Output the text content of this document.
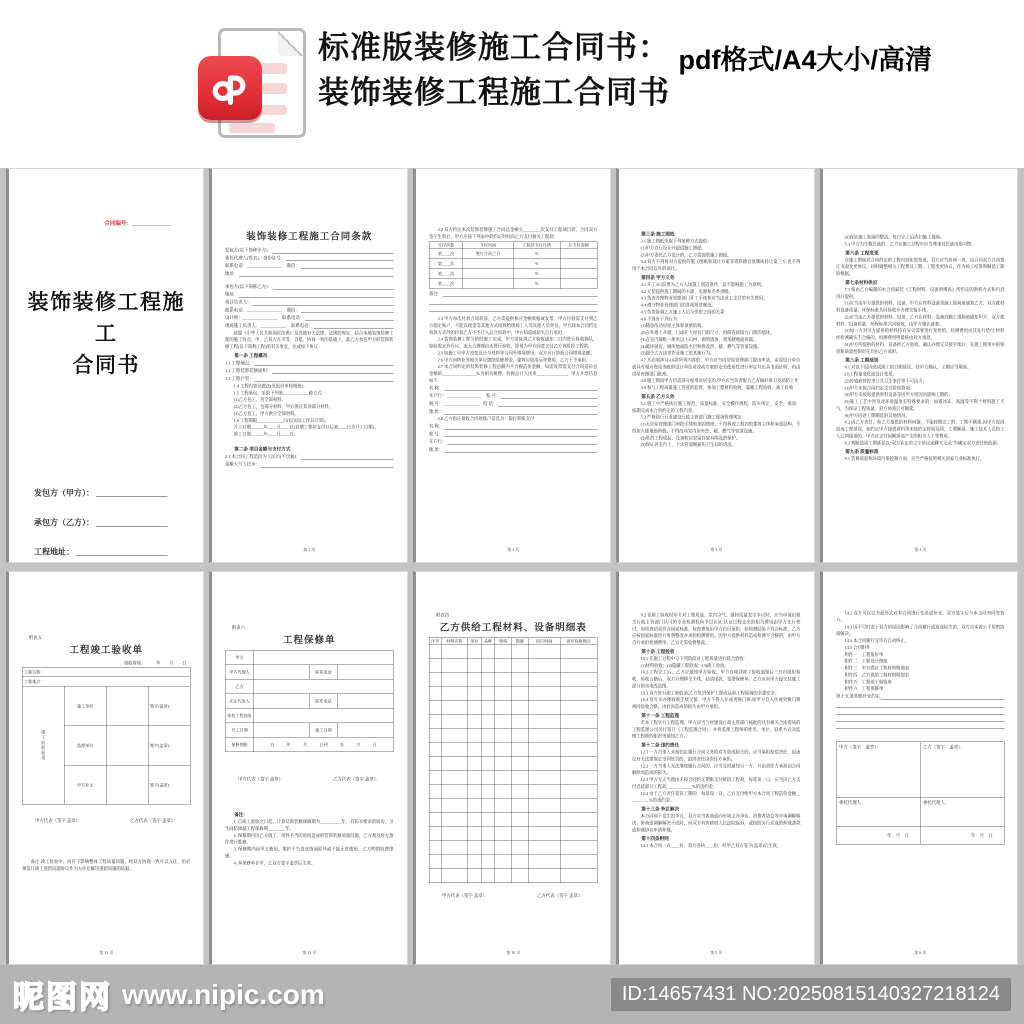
标准版装修施工合同书：
装饰装修工程施工合同书
pdf格式/A4大小/高清
合同编号：______________
装饰装修工程施工
合同书
发包方（甲方）：
承包方（乙方）：
工程地址：
装饰装修工程施工合同条款
发包方(以下简称甲方)：
委托代理人(姓名)：身份证号：
联系电话：________________　微信：
地址：
承包方(以下简称乙方)：
地址：
项目负责人：
联系电话：________________　微信：
设计师：________________　联系电话：
现场施工负责人：____________　联系电话：
依照《中华人民共和国民法典》及其他有关法律、法规的规定，结合本地装饰装修工程的施工特点，甲、乙双方在平等、自愿、协商一致的基础上，就乙方承包甲方的装饰装修工程(以下简称工程)的有关事宜，达成如下协议：
第一条 工程概况
1.1 工程地点：
1.2 工程装饰装修面积：
1.3 工程户型：
1.4 工程内容及做法(见报价单和图纸)：
1.5 工程承包，采取下列第____________种方式：
(1)乙方包工，包全部材料。
(2)乙方包工，包部分材料，甲方供应其余部分材料。
(3)乙方包工，甲方供应全部材料。
1.6 工程期限____________日(以实际工作日计算)；
开工日期______年____月____日(首期工程款支付日后第____日为开工日期)；
竣工日期______年____月____日。
第二条 项目金额与支付方式
2.1 本合同工程造价为人民币(不含税)：
金额大写人民币：
第 1 页
2.2 双方约定本次装饰装修施工合同总金额分________次支付工程项目款，合同双方签字生效后，甲方应按下列表中的约定时间向乙方支付相关工程款：
支付次数	支付时间	工程款支付比例	应支付金额
第____次	签订合同之日	%	
第____次		%	
第____次		%	
第____次		%	
备注：
2.3 甲方每次付款合同款前，乙方需提供相应金额收据或发票，甲方付款需支付到乙方指定账户，不能以现金等其他方式结算给现场工人等其他人员单位。甲方除本合同约定收款方式外的付款乙方不予计入总合同款中，甲方知道或损失自行承担。
2.4 装饰装修工程分阶段施工完成，甲方需接到乙方验收通知二日内进行验收确认，如验收未有异议，或无合理理由未进行验收，即视为甲方同意支付乙方该阶段工程款。
2.5 如施工中甲方改变设计与材料等合同外增项费用，双方另行协商合同增项金额。
2.6 甲方向物业等相关单位缴纳装修押金，建筑垃圾清运等费用，乙方不予承担。
2.7 本合同约定的装饰装修工程总额为不含税造价金额，如需发票需支付合同造价总金额的________________%为相关税费，价税总计人民币______________。甲方开票信息如下：
名 称：
开户行：________________　账 号：
税 号：________________　电 话：
地 址：
2.8 乙方指定接收合同款账户信息为：银行转账支付
名 称：
账 号：
开户行：
地 址：
第 2 页
第三条 施工图纸
3.1 施工图纸采取下列第种方式提供：
(1)甲方自行设计并提供施工图纸。
(2)甲方委托乙方设计的，乙方需提供施工图纸。
3.2 双方不得将对方提供的施工图纸和设计方案等资料擅自复制或转让第三方,也不得用于本合同以外的项目。
第四条 甲方义务
4.1 开工3日前要为乙方入场施工创造条件，以不影响施工为原则。
4.2 无偿提供施工期间的水源、电源和冬季供暖。
4.3 负责办理物业管理部门开工手续和应当由业主支付的有关费用。
4.4 遵守物业管理部门的各项规章制度。
4.5 负责协调乙方施工人员与邻里之间的关系
4.6 不得有下列行为：
(1)随意改动房屋主体和承重结构。
(2)在外墙上开窗，门或扩大原有门窗尺寸，拆除连接阳台门窗的墙体。
(3)在室内铺贴一厘米以上石材、砌筑墙体、增加楼地面荷载。
(4)破坏厨房、厕所地面防水层和拆改热、暖、燃气等管道设施。
(5)强令乙方违章作业施工的其他行为。
4.7 凡必须涉及4.6款所列内容的，甲方应当向房屋管理部门提出申请，由原设计单位或具有相应资质等级的设计单位对改动方案的安全使用性进行审定并出具书面证明，再由房屋管理部门批准。
4.8 施工期间甲方仍需部分使用该居室的,甲方应当负责配合乙方做好保卫及消防工作
4.9 参与工程质量施工进度的监督，参加工程材料验收、隐蔽工程验收、竣工验收
第五条 乙方义务
5.1 施工中严格执行施工规范、质量标准、安全操作规程、防火规定、安全、保质、按期完成本合同约定的工程内容。
5.2 严格执行行业建设行政主管部门施工现场管理规定：
(1)无房屋管理部门审批手续和加固图纸，不得拆改工程内的建筑主体和承重结构，不得加大楼地面荷载，不得改动室内原有热、暖、燃气等管道设施。
(2)负责工程成品、设备和居室留存家具陈设的保护。
(3)保证居室内上、下水管道畅通和卫生间的清洁。
第 3 页
(4)保证施工现场的整洁，每日完工后清扫施工现场。
5.3 甲方为少数民族的，乙方在施工过程中应当尊重其民族风俗习惯。
第六条 工程变更
在施工期间对合同约定的工程内容如需变更，双方应当协商一致，由合同双方共同签订书面变更协议，同时调整相关工程费及工期，工程变更协议，作为竣工结算和顺延工期的根据。
第七条材料供应
7.1 按由乙方编制的本合同家装《工程材料、设备明细表》所约定的供料方式和内容进行提供。
(1)应当由甲方提供的材料、设备，甲方在材料设备到施工现场前通知乙方，双方就材料设备质量、环保标准共同验收并办理交接手续。
(2)应当由乙方提供的材料、设备，乙方在材料、设备到施工现场前通知甲方，双方就材料、设备质量、环保标准共同验收，由甲方确认备案。
(3)如一方对另方提供的材料持有异议需要进行复检的，检测费用由其先行垫付;材料经检测确实不合格的，检测费用则最终由对方承担。
(4)甲方所提供的材料、设备经乙方验收，确认办理完交接手续后，在施工使用中的保管和质量控制责任均由乙方承担。
第八条 工期延误
8.1 对以下原因造成竣工的日期延误，经甲方确认，工期应当顺延。
(1)工程量变化或设计变更。
(2)传染病管控等公共卫生事件等不可抗力；
(3)甲方未按合同约定支付阶段款项；
(4)甲方未按时提供原料设备等因甲方原因而影响工期的；
(5)施工工艺中涉及对环境温度有特殊要求的，如遇冰冻、高温等不利于材料施工天气，为保证工程质量，双方协商后可顺延。
(6)甲方同意工期顺延的其他情况。
8.2 因乙方责任，如乙方提供的材料问题，不能按期完工的，工期不顺延;因甲方原因造成工程延误，如约定甲方提供材料等未按约定时间送到，工期顺延，施工技术人员和工人已到现场的，甲方应支付因顺延而产生的相关人工等费用。
8.3 判断造成工期延误以“双方认定的文字协议或聊天记录”为确定双方责任的依据。
第九条 质量标准
9.1 装修质量和环境污染控制方面，应当严格按照相关国家行业标准执行。
第 4 页
附表五
工程竣工验收单
验收时间：　　　年　　月　　日
工程名称：			
工程地点：			
竣工验收意见	施工单位		签字(盖章)：
	监理单位		签字(盖章)：
	甲方业主		签字(盖章)：
甲方代表（签字 盖章）：	乙方代表（签字 盖章）：
备注:竣工验收中，尚有不影响整体工程质量问题，经双方协商一致可以入住，但必须签订竣工遗留问题协议作为入住后解决遗留问题的依据。
第 11 页
附表六
工程保修单
甲方			
甲方代理人		联系电话	
乙方			
法定代表人		联系电话	
家装工程地址			
开工日期		竣工日期	
保修期限	自　　　年　　　月　　　日到　　　年　　　月　　　日		
甲方代表（签字 盖章）：	乙方代表（签字 盖章）：
备注：
1. 自竣工验收之日起，计算装饰装修保修期为__________年，有防水要求的厨房、卫生间防渗漏工程保修期________年；
2. 保修期内因乙方施工、用料不当的原因造成的装饰装修质量问题，乙方须及时无条件进行维修。
3. 保修期内因甲方使用、维护不当造成饰面损坏或不能正常使用，乙方酌情收费维修。
4. 本保修单在甲、乙双方签字盖章后生效。
第 12 页
附表四
乙方供给工程材料、设备明细表
序号	材料名称	单位	品种	规格	数量	供应时间	供应验收地点

甲方代表（签字 盖章）：	乙方代表（签字 盖章）：
第 10 页
9.2 在竣工验收时甲方对工程质量、室内空气、建材质量发生争议时，应当申请由相关行政主管部门认可的专业检测机构予以认证;认证过程支出的相关费用由甲方先行垫付，如检查结果符合国家标准，检查费用由甲方自行承担，如检测结果不符合标准，乙方应按国家标准进行免费整改并承担检测费用。因甲方提供材料造成检测不合格的，由甲方自行承担检测费用，乙方无需免费整改。
第十条 工程验收
10.1 在施工过程中分下列阶段对工程质量进行联合验收：
(1)材料验收；(2)隐蔽工程验收；(3)竣工验收。
10.2 工程完工后，乙方应通知甲方验收，甲方自接到竣工验收通知后三日内组织验收，验收合格后，双方办理移交手续，结清尾款，签署保修单。乙方应向甲方提交其施工部分的水电改造图。
10.3 双方进行竣工验收前,乙方负责保护工程成品和工程现场的全部安全。
10.4 双方未办理验收手续交接，甲方不得入住或更换门锁;如甲方自入住或更换门锁视同验收合格，由此而造成的损失由甲方承担。
第十一条 工程监理
若本工程实行工程监理，甲方应当与经建设行政主管部门核批的具有相关合法资质的工程监理公司另行签订《工程监理合同》，并将监理工程师的姓名，单位、联系方式及监理工程师的职责等通知乙方。
第十二条 违约责任
12.1 一方当事人未按约定履行合同义务给对方造成损失的，应当承担赔偿责任，因违反有关法律规定受到处罚的，最终责任由责任方承担。
12.2 一方当事人无法继续履行合同的，应当及时通知另一方，并由责任方承担因合同解除而造成的损失。
12.3 甲方无正当理由未按合同约定期限支付阶段工程款，每延误一日，应当向乙方支付迟延部分工程款____________%的违约金。
12.4 由于乙方责任延误工期的，每延误一日，乙方支付给甲方本合同工程造价金额__________%的违约金。
第十三条 争议解决
本合同项下发生的争议，双方应当协商或向市场主办单位、消费者协会等申请调解解决，协商或调解解决不成时，向双方有管辖权人民法院起诉，或按照另行达成的仲裁条款或仲裁协议申请仲裁。
第十四条附则
14.1 本合同一式____份，双方各执____份，经甲乙双方签字(盖章)后生效。
第 5 页
14.2 双方可以以书面形式对本合同进行变更或补充，双方签字后与本合同有同等效力。
14.3 因不可归责于双方的原因影响了合同履行或造成损失的，双方应本着公平原则协商解决。
14.4 本合同履行完毕后自动终止。
14.5 合同附件
附件一　工程报价单
附件二　工程设计图纸
附件三　甲方供应工程材料明细表
附件四　乙方供给工程材料明细表
附件五　工程竣工验收单
附件六　工程保修单
第十五条其他补充约定
甲方（签字　盖章）：	乙方（签字　盖章）：
委托代理人：	委托代理人：
年　月　日	年　月　日
第 6 页
昵图网 www.nipic.com	ID:14657431 NO:20250815140327218124
